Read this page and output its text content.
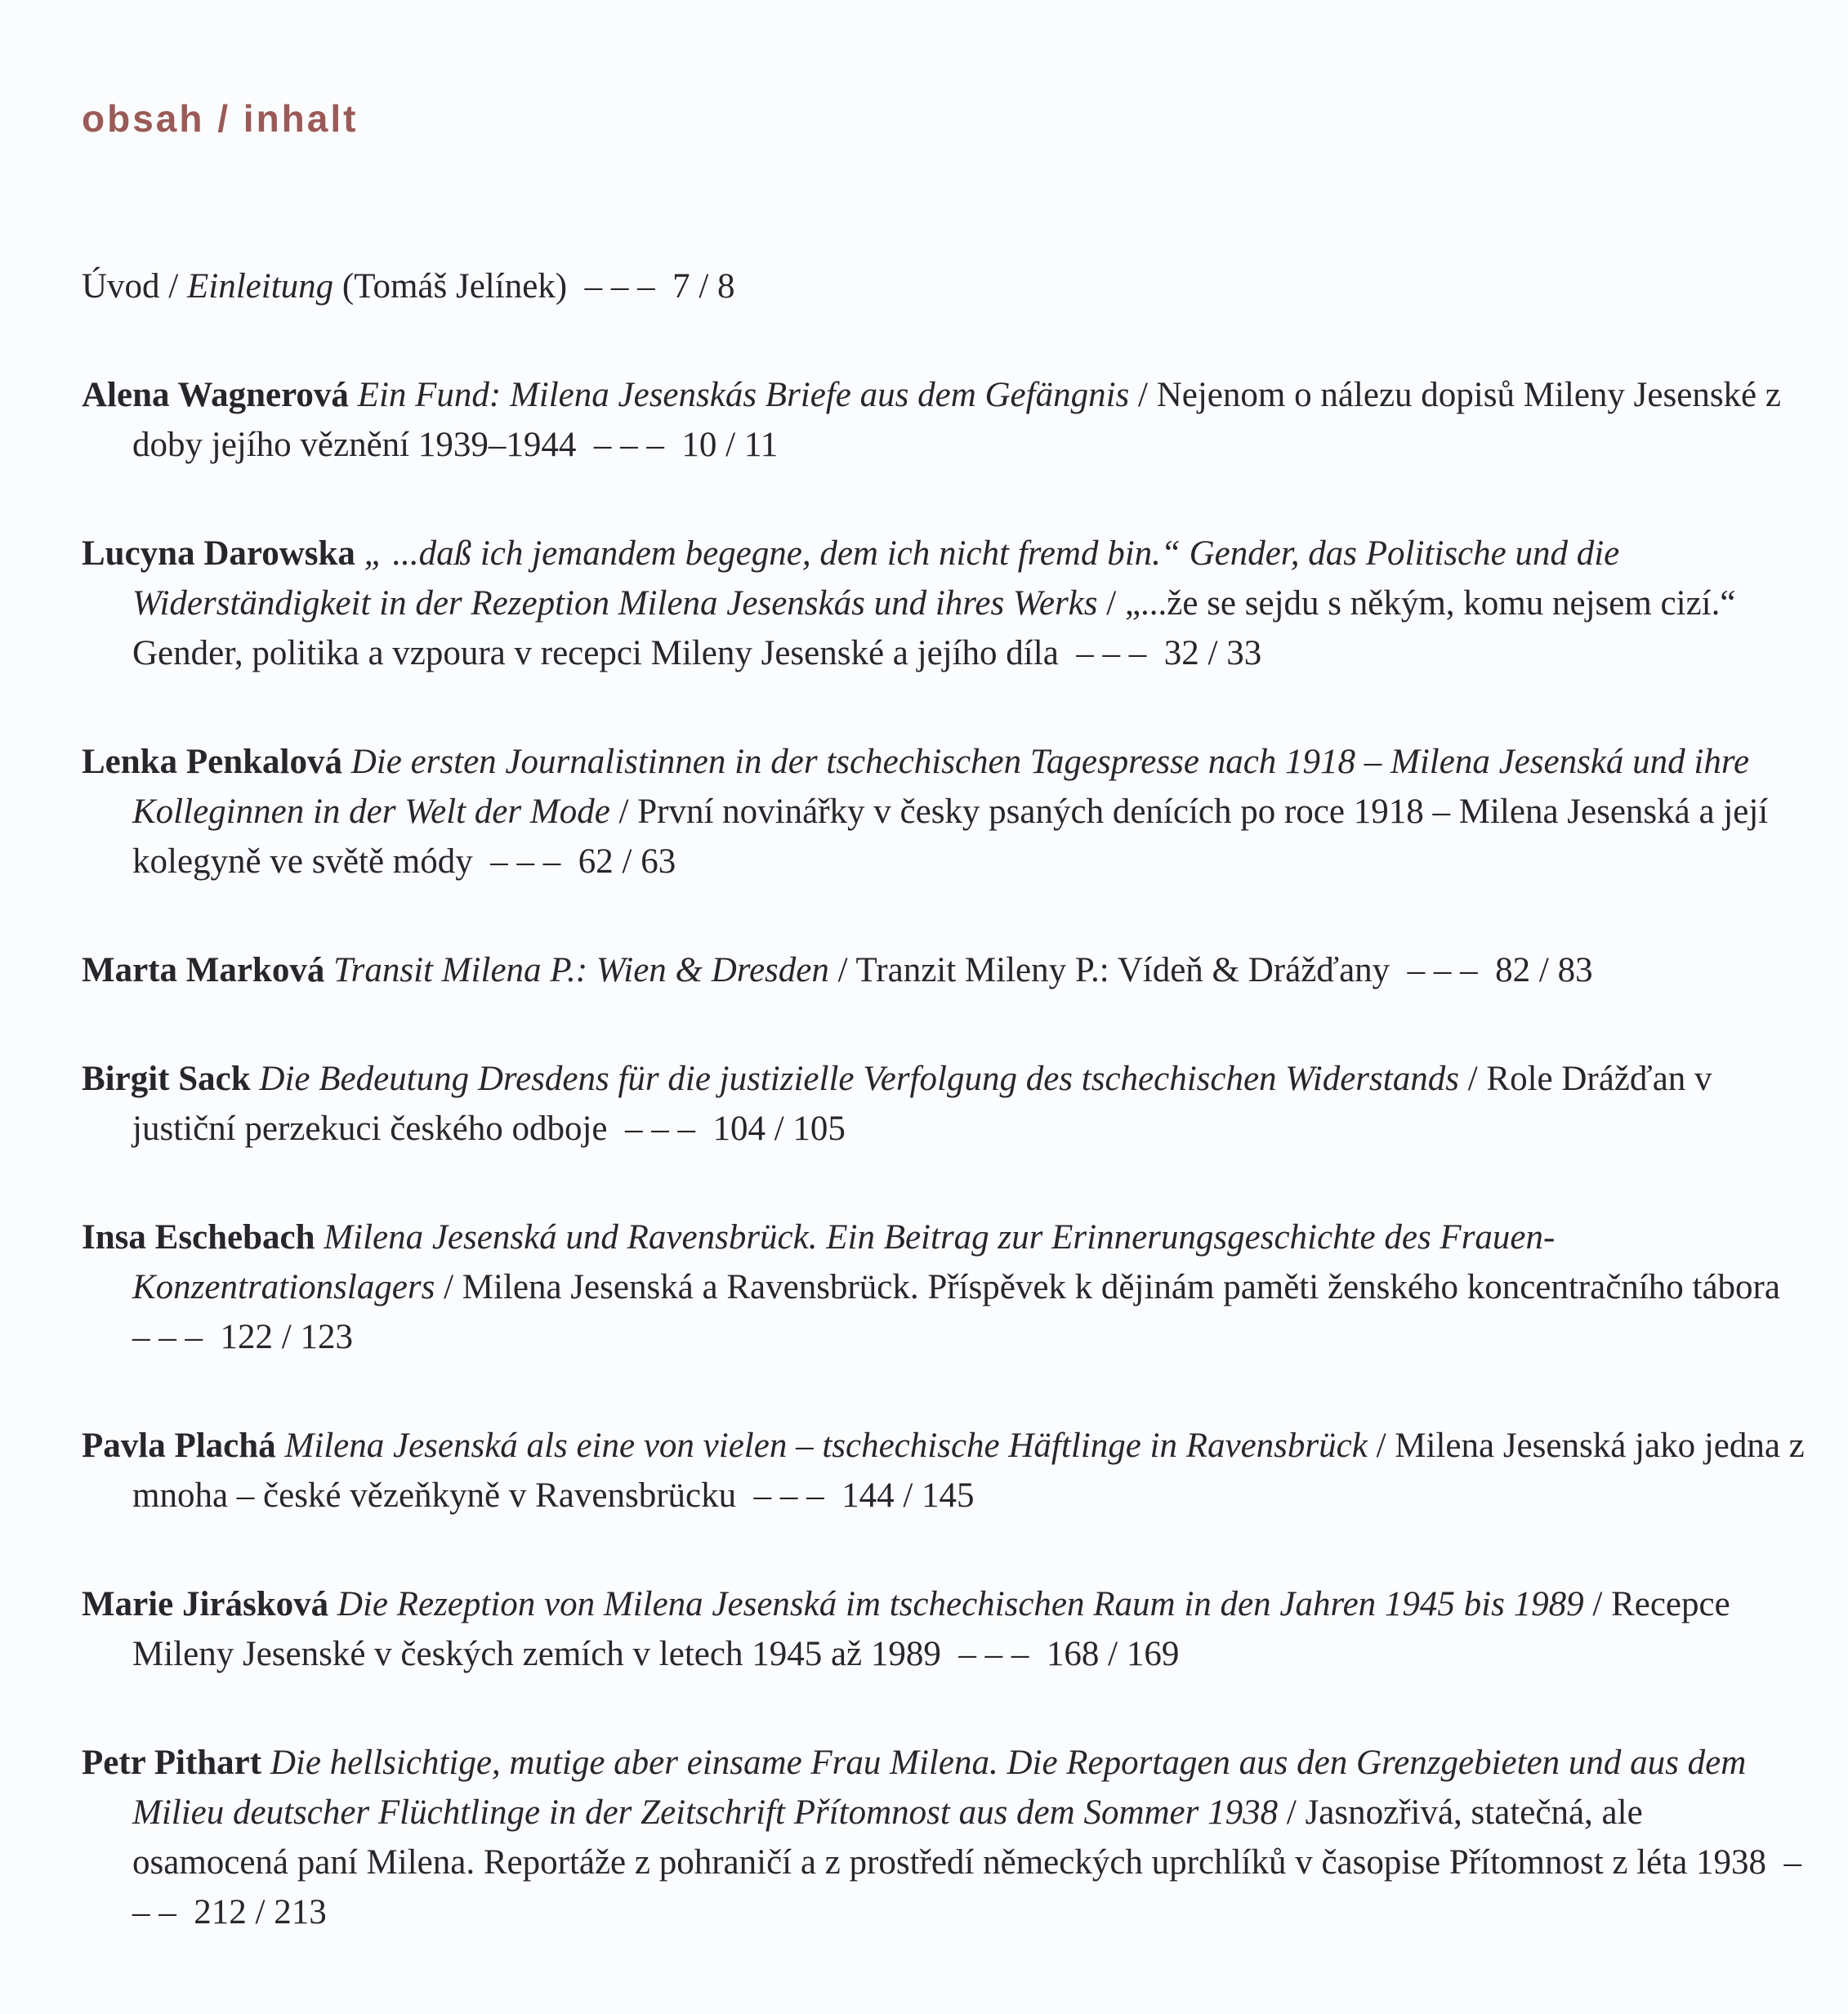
obsah / inhalt

Úvod / Einleitung (Tomáš Jelínek)  – – –  7 / 8

Alena Wagnerová Ein Fund: Milena Jesenskás Briefe aus dem Gefängnis / Nejenom o nálezu dopisů Mileny Jesenské z doby jejího věznění 1939–1944  – – –  10 / 11

Lucyna Darowska „ ...daß ich jemandem begegne, dem ich nicht fremd bin.“ Gender, das Politische und die Widerständigkeit in der Rezeption Milena Jesenskás und ihres Werks / „...že se sejdu s někým, komu nejsem cizí.“  Gender, politika a vzpoura v recepci Mileny Jesenské a jejího díla  – – –  32 / 33

Lenka Penkalová Die ersten Journalistinnen in der tschechischen Tagespresse nach 1918 – Milena Jesenská und ihre Kolleginnen in der Welt der Mode / První novinářky v česky psaných denících po roce 1918 – Milena Jesenská a její kolegyně ve světě módy  – – –  62 / 63

Marta Marková Transit Milena P.: Wien & Dresden / Tranzit Mileny P.: Vídeň & Drážďany  – – –  82 / 83

Birgit Sack Die Bedeutung Dresdens für die justizielle Verfolgung des tschechischen Widerstands / Role Drážďan v justiční perzekuci českého odboje  – – –  104 / 105

Insa Eschebach Milena Jesenská und Ravensbrück. Ein Beitrag zur Erinnerungsgeschichte des Frauen-Konzentrationslagers / Milena Jesenská a Ravensbrück. Příspěvek k dějinám paměti ženského koncentračního tábora  – – –  122 / 123

Pavla Plachá Milena Jesenská als eine von vielen – tschechische Häftlinge in Ravensbrück / Milena Jesenská jako jedna z mnoha – české vězeňkyně v Ravensbrücku  – – –  144 / 145

Marie Jirásková Die Rezeption von Milena Jesenská im tschechischen Raum in den Jahren 1945 bis 1989 / Recepce Mileny Jesenské v českých zemích v letech 1945 až 1989  – – –  168 / 169

Petr Pithart Die hellsichtige, mutige aber einsame Frau Milena. Die Reportagen aus den Grenzgebieten und aus dem Milieu deutscher Flüchtlinge in der Zeitschrift Přítomnost aus dem Sommer 1938 / Jasnozřivá, statečná, ale osamocená paní Milena. Reportáže z pohraničí a z prostředí německých uprchlíků v časopise Přítomnost z léta 1938  – – –  212 / 213
